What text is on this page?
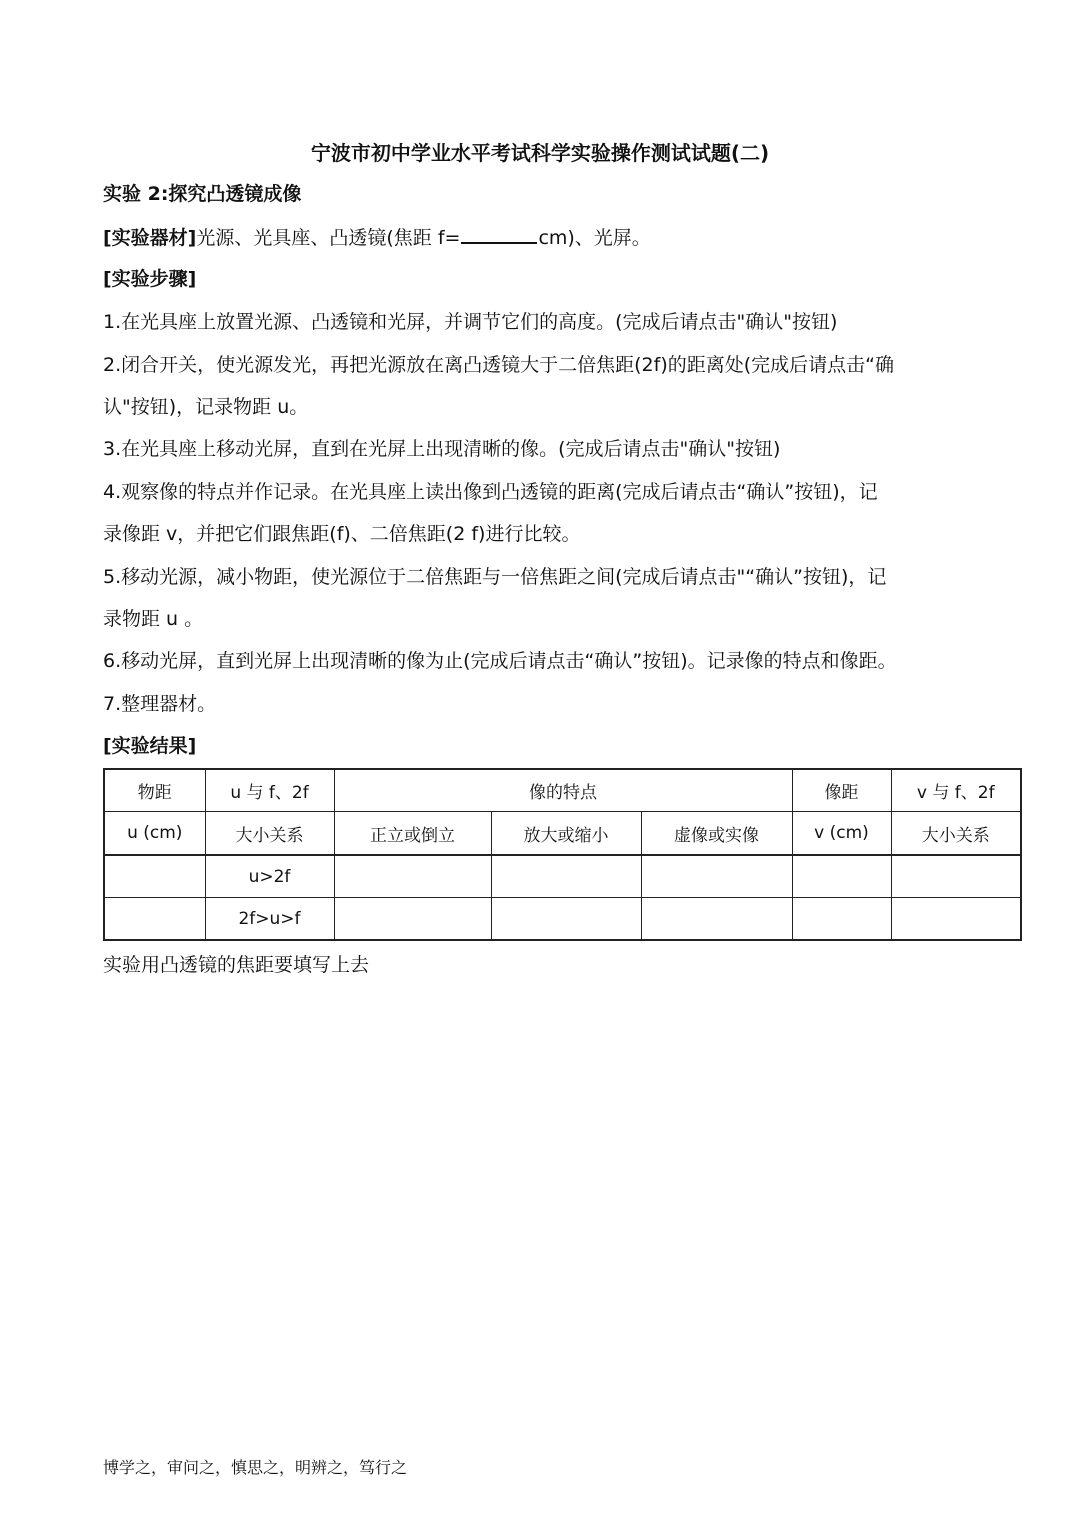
宁波市初中学业水平考试科学实验操作测试试题(二)
实验 2:探究凸透镜成像
[实验器材]光源、光具座、凸透镜(焦距 f=	cm)、光屏。
[实验步骤]
1.在光具座上放置光源、凸透镜和光屏，并调节它们的高度。(完成后请点击"确认"按钮)
2.闭合开关，使光源发光，再把光源放在离凸透镜大于二倍焦距(2f)的距离处(完成后请点击“确
认"按钮)，记录物距 u。
3.在光具座上移动光屏，直到在光屏上出现清晰的像。(完成后请点击"确认"按钮)
4.观察像的特点并作记录。在光具座上读出像到凸透镜的距离(完成后请点击“确认”按钮)，记
录像距 v，并把它们跟焦距(f)、二倍焦距(2 f)进行比较。
5.移动光源，减小物距，使光源位于二倍焦距与一倍焦距之间(完成后请点击"“确认”按钮)，记
录物距 u 。
6.移动光屏，直到光屏上出现清晰的像为止(完成后请点击“确认”按钮)。记录像的特点和像距。
7.整理器材。
[实验结果]
物距	u 与 f、2f	像的特点			像距	v 与 f、2f
u (cm)	大小关系	正立或倒立	放大或缩小	虚像或实像	v (cm)	大小关系
	u>2f					
	2f>u>f					
实验用凸透镜的焦距要填写上去
博学之，审问之，慎思之，明辨之，笃行之
